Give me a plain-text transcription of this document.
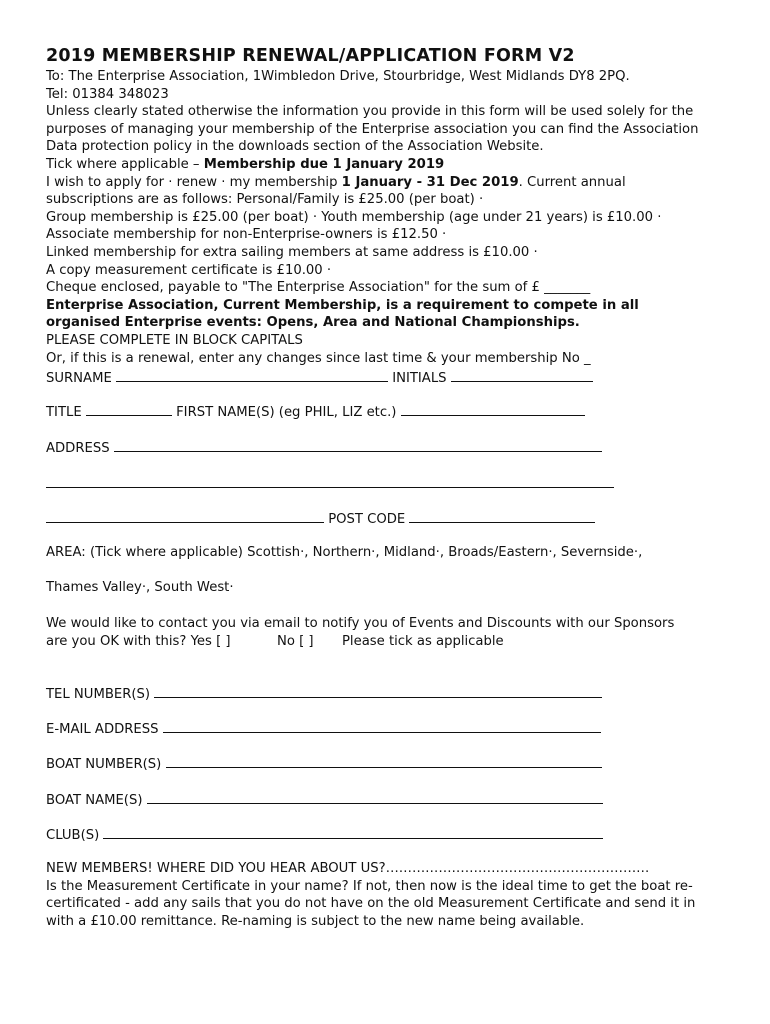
2019 MEMBERSHIP RENEWAL/APPLICATION FORM V2
To: The Enterprise Association, 1Wimbledon Drive, Stourbridge, West Midlands DY8 2PQ.
Tel: 01384 348023
Unless clearly stated otherwise the information you provide in this form will be used solely for the
purposes of managing your membership of the Enterprise association you can find the Association
Data protection policy in the downloads section of the Association Website.
Tick where applicable – Membership due 1 January 2019
I wish to apply for · renew · my membership 1 January - 31 Dec 2019. Current annual
subscriptions are as follows: Personal/Family is £25.00 (per boat) ·
Group membership is £25.00 (per boat) · Youth membership (age under 21 years) is £10.00 ·
Associate membership for non-Enterprise-owners is £12.50 ·
Linked membership for extra sailing members at same address is £10.00 ·
A copy measurement certificate is £10.00 ·
Cheque enclosed, payable to "The Enterprise Association" for the sum of £ _______
Enterprise Association, Current Membership, is a requirement to compete in all
organised Enterprise events: Opens, Area and National Championships.
PLEASE COMPLETE IN BLOCK CAPITALS
Or, if this is a renewal, enter any changes since last time & your membership No _
SURNAME	INITIALS
TITLE	FIRST NAME(S) (eg PHIL, LIZ etc.)
ADDRESS
POST CODE
AREA: (Tick where applicable) Scottish·, Northern·, Midland·, Broads/Eastern·, Severnside·,
Thames Valley·, South West·
We would like to contact you via email to notify you of Events and Discounts with our Sponsors
are you OK with this? Yes [ ]	No [ ] Please tick as applicable
TEL NUMBER(S)
E-MAIL ADDRESS
BOAT NUMBER(S)
BOAT NAME(S)
CLUB(S)
NEW MEMBERS! WHERE DID YOU HEAR ABOUT US?……………………………………………………
Is the Measurement Certificate in your name? If not, then now is the ideal time to get the boat re-
certificated - add any sails that you do not have on the old Measurement Certificate and send it in
with a £10.00 remittance. Re-naming is subject to the new name being available.
